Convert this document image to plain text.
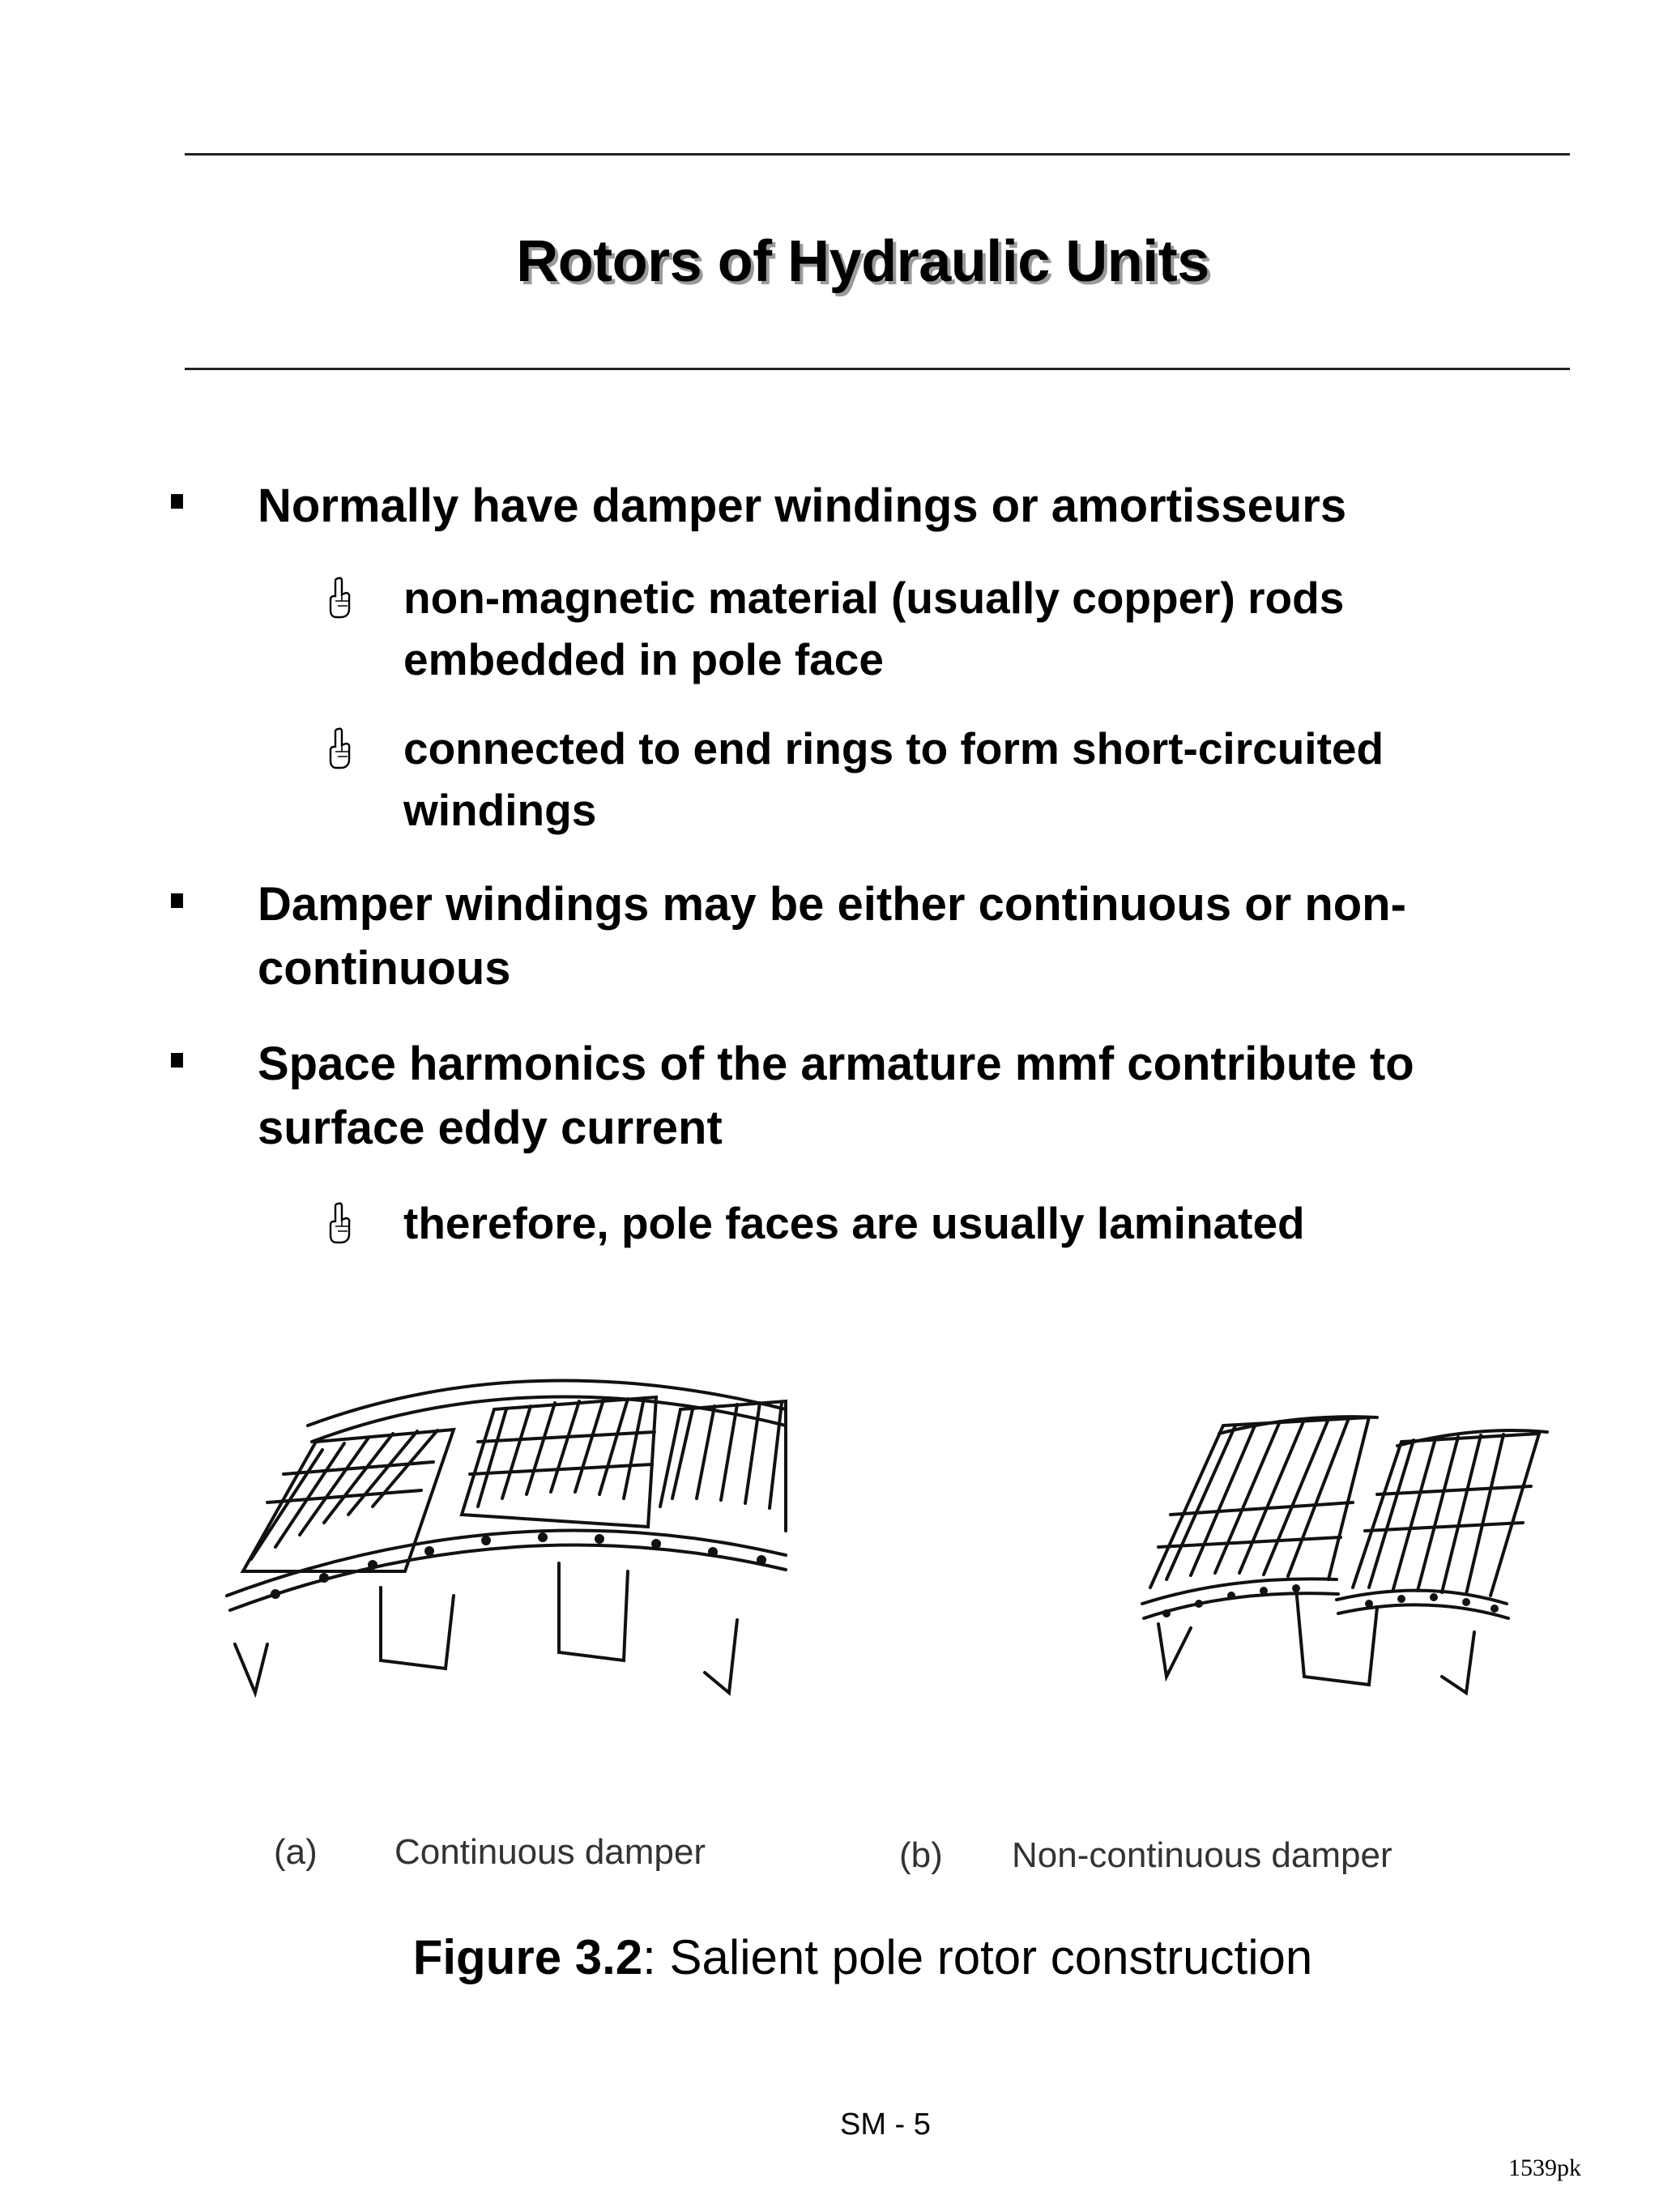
Rotors of Hydraulic Units
Normally have damper windings or amortisseurs
non-magnetic material (usually copper) rods
embedded in pole face
connected to end rings to form short-circuited
windings
Damper windings may be either continuous or non-
continuous
Space harmonics of the armature mmf contribute to
surface eddy current
therefore, pole faces are usually laminated
(a) Continuous damper	(b) Non-continuous damper
Figure 3.2: Salient pole rotor construction
SM - 5
1539pk
